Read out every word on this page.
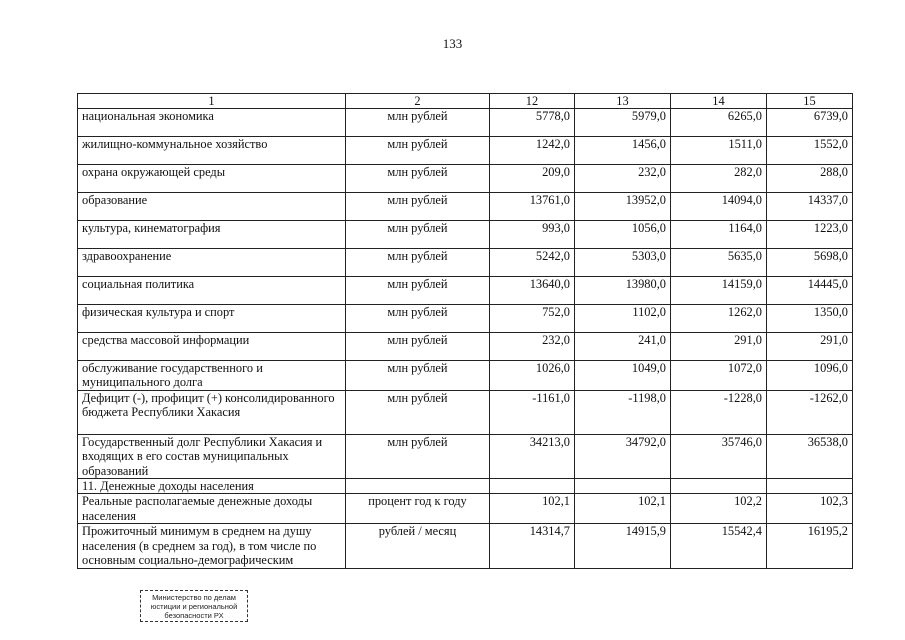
133
1	2	12	13	14	15
национальная экономика	млн рублей	5778,0	5979,0	6265,0	6739,0
жилищно-коммунальное хозяйство	млн рублей	1242,0	1456,0	1511,0	1552,0
охрана окружающей среды	млн рублей	209,0	232,0	282,0	288,0
образование	млн рублей	13761,0	13952,0	14094,0	14337,0
культура, кинематография	млн рублей	993,0	1056,0	1164,0	1223,0
здравоохранение	млн рублей	5242,0	5303,0	5635,0	5698,0
социальная политика	млн рублей	13640,0	13980,0	14159,0	14445,0
физическая культура и спорт	млн рублей	752,0	1102,0	1262,0	1350,0
средства массовой информации	млн рублей	232,0	241,0	291,0	291,0
обслуживание государственного и муниципального долга	млн рублей	1026,0	1049,0	1072,0	1096,0
Дефицит (-), профицит (+) консолидированного бюджета Республики Хакасия	млн рублей	-1161,0	-1198,0	-1228,0	-1262,0
Государственный долг Республики Хакасия и входящих в его состав муниципальных образований	млн рублей	34213,0	34792,0	35746,0	36538,0
11. Денежные доходы населения					
Реальные располагаемые денежные доходы населения	процент год к году	102,1	102,1	102,2	102,3
Прожиточный минимум в среднем на душу населения (в среднем за год), в том числе по основным социально-демографическим	рублей / месяц	14314,7	14915,9	15542,4	16195,2
Министерство по делам
юстиции и региональной
безопасности РХ
